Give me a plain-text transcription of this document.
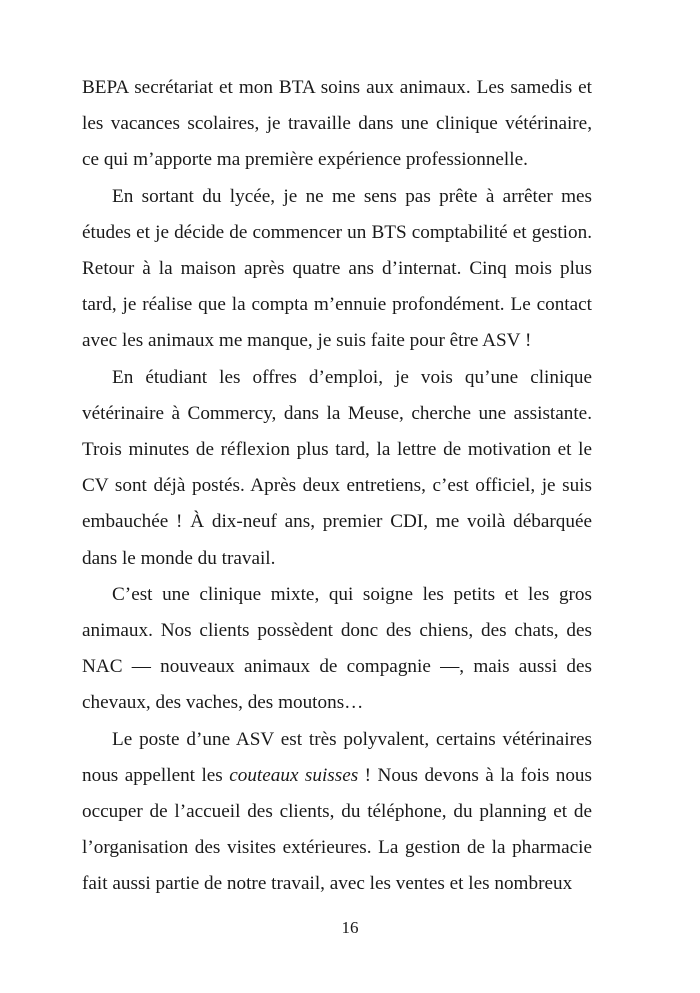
BEPA secrétariat et mon BTA soins aux animaux. Les samedis et les vacances scolaires, je travaille dans une clinique vétérinaire, ce qui m’apporte ma première expérience professionnelle.

En sortant du lycée, je ne me sens pas prête à arrêter mes études et je décide de commencer un BTS comptabilité et gestion. Retour à la maison après quatre ans d’internat. Cinq mois plus tard, je réalise que la compta m’ennuie profondément. Le contact avec les animaux me manque, je suis faite pour être ASV !

En étudiant les offres d’emploi, je vois qu’une clinique vétérinaire à Commercy, dans la Meuse, cherche une assistante. Trois minutes de réflexion plus tard, la lettre de motivation et le CV sont déjà postés. Après deux entretiens, c’est officiel, je suis embauchée ! À dix-neuf ans, premier CDI, me voilà débarquée dans le monde du travail.

C’est une clinique mixte, qui soigne les petits et les gros animaux. Nos clients possèdent donc des chiens, des chats, des NAC — nouveaux animaux de compagnie —, mais aussi des chevaux, des vaches, des moutons…

Le poste d’une ASV est très polyvalent, certains vétérinaires nous appellent les couteaux suisses ! Nous devons à la fois nous occuper de l’accueil des clients, du téléphone, du planning et de l’organisation des visites extérieures. La gestion de la pharmacie fait aussi partie de notre travail, avec les ventes et les nombreux

16
